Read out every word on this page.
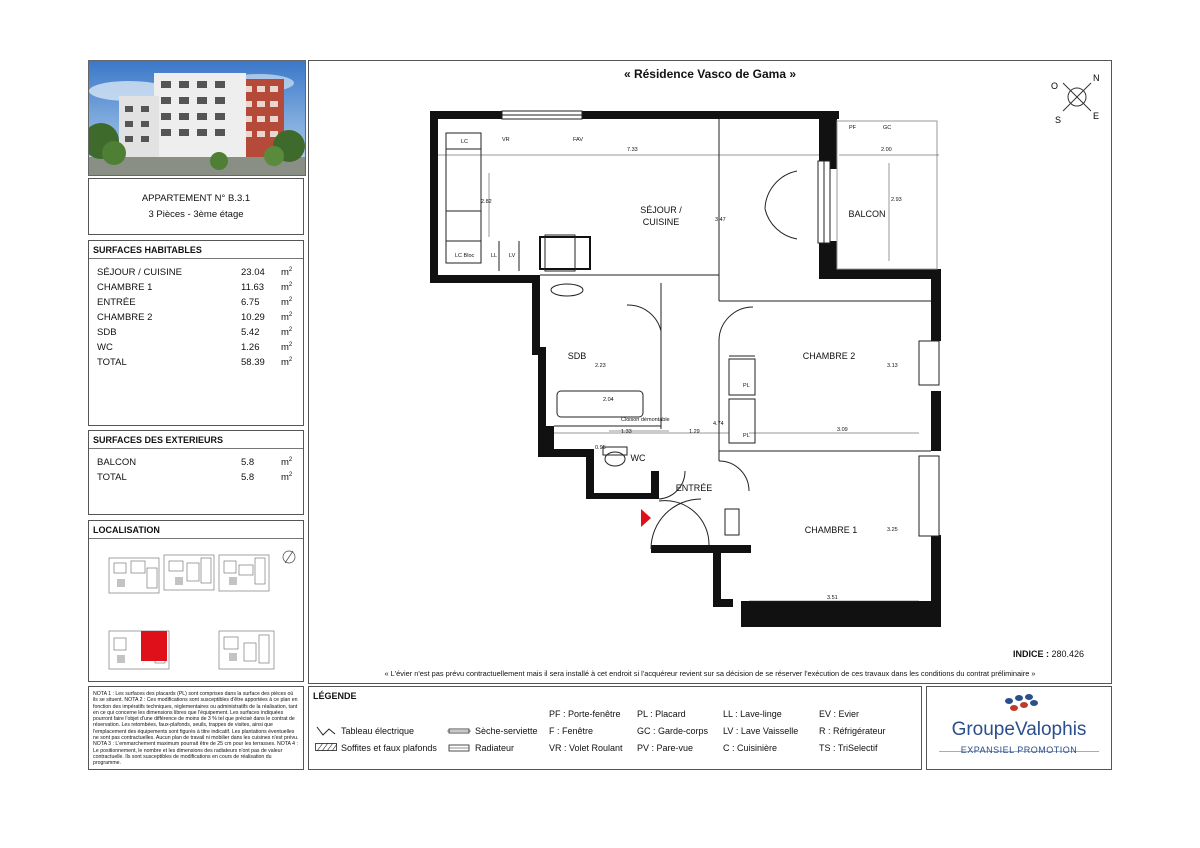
APPARTEMENT N° B.3.1
3 Pièces - 3ème étage
SURFACES HABITABLES
SÉJOUR / CUISINE	23.04 $m^2$
CHAMBRE 1	11.63 $m^2$
ENTRÉE	6.75 $m^2$
CHAMBRE 2	10.29 $m^2$
SDB	5.42 $m^2$
WC	1.26 $m^2$
TOTAL	58.39 $m^2$
SURFACES DES EXTERIEURS
BALCON	5.8	$m^2$
TOTAL	5.8	$m^2$
LOCALISATION
NOTA 1 : Les surfaces des placards (PL) sont comprises dans la surface des pièces où ils se situent. NOTA 2 : Ces modifications sont susceptibles d'être apportées à ce plan en fonction des impératifs techniques, réglementaires ou administratifs de la réalisation, tant en ce qui concerne les dimensions libres que l'équipement. Les surfaces indiquées pourront faire l'objet d'une différence de moins de 3 % tel que précisé dans le contrat de réservation. Les retombées, faux-plafonds, seuils, trappes de visites, ainsi que l'emplacement des équipements sont figurés à titre indicatif. Les plantations éventuelles ne sont pas contractuelles. Aucun plan de travail ni mobilier dans les cuisines n'est prévu. NOTA 3 : L'emmarchement maximum pourrait être de 25 cm pour les terrasses. NOTA 4 : Le positionnement, le nombre et les dimensions des radiateurs n'ont pas de valeur contractuelle. Ils sont susceptibles de modifications en cours de réalisation du programme.
« Résidence Vasco de Gama »	N
E
S
O
SÉJOUR /
CUISINE
BALCON
SDB	CHAMBRE 2
WC
ENTRÉE
CHAMBRE 1
VR	FAV
GC
PF
PL
PL
LC Bloc	LL LV
LC
Cloison démontable
7.33	2.00
2.82	2.93
3.47
2.23
2.04
1.33	1.29
4.74
3.09
3.13
0.95
3.51
3.25
INDICE : 280.426
« L'évier n'est pas prévu contractuellement mais il sera installé à cet endroit si l'acquéreur revient sur sa décision de se réserver l'exécution de ces travaux dans les conditions du contrat préliminaire »
LÉGENDE
Tableau électrique
Soffites et faux plafonds
Sèche-serviette
Radiateur
PF : Porte-fenêtre
F : Fenêtre
VR : Volet Roulant
PL : Placard
GC : Garde-corps
PV : Pare-vue
LL : Lave-linge
LV : Lave Vaisselle
C : Cuisinière
EV : Evier
R : Réfrigérateur
TS : TriSelectif
GroupeValophis
EXPANSIEL PROMOTION
